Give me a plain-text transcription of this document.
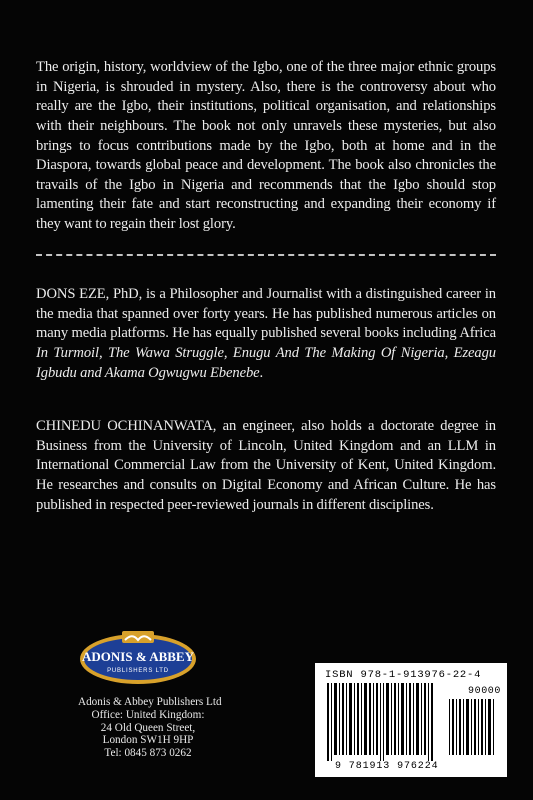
The origin, history, worldview of the Igbo, one of the three major ethnic groups in Nigeria, is shrouded in mystery. Also, there is the controversy about who really are the Igbo, their institutions, political organisation, and relationships with their neighbours. The book not only unravels these mysteries, but also brings to focus contributions made by the Igbo, both at home and in the Diaspora, towards global peace and development. The book also chronicles the travails of the Igbo in Nigeria and recommends that the Igbo should stop lamenting their fate and start reconstructing and expanding their economy if they want to regain their lost glory.
DONS EZE, PhD, is a Philosopher and Journalist with a distinguished career in the media that spanned over forty years. He has published numerous articles on many media platforms. He has equally published several books including Africa In Turmoil, The Wawa Struggle, Enugu And The Making Of Nigeria, Ezeagu Igbudu and Akama Ogwugwu Ebenebe.
CHINEDU OCHINANWATA, an engineer, also holds a doctorate degree in Business from the University of Lincoln, United Kingdom and an LLM in International Commercial Law from the University of Kent, United Kingdom. He researches and consults on Digital Economy and African Culture. He has published in respected peer-reviewed journals in different disciplines.
ADONIS & ABBEY
PUBLISHERS LTD
Adonis & Abbey Publishers Ltd
Office: United Kingdom:
24 Old Queen Street,
London SW1H 9HP
Tel: 0845 873 0262
ISBN 978-1-913976-22-4
90000
9 781913 976224
